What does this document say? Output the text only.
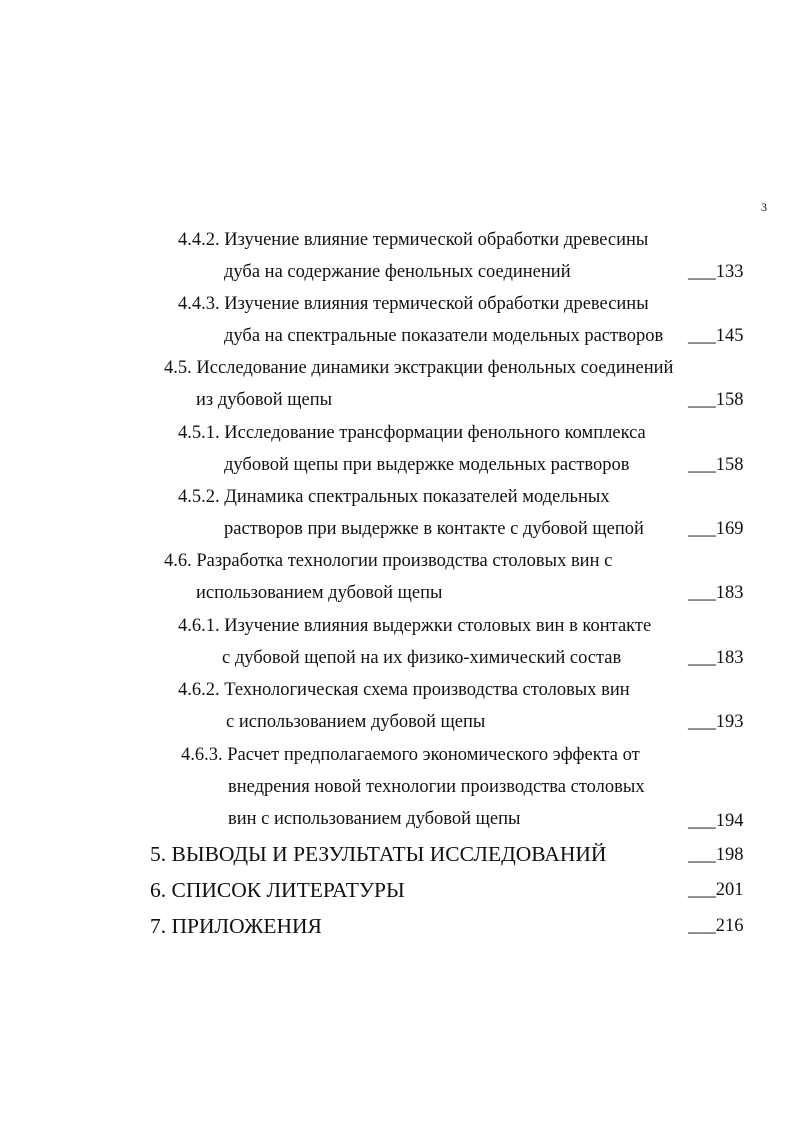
3
4.4.2. Изучение влияние термической обработки древесины
дуба на содержание фенольных соединений	___133
4.4.3. Изучение влияния термической обработки древесины
дуба на спектральные показатели модельных растворов ___145
4.5. Исследование динамики экстракции фенольных соединений
из дубовой щепы	___158
4.5.1. Исследование трансформации фенольного комплекса
дубовой щепы при выдержке модельных растворов	___158
4.5.2. Динамика спектральных показателей модельных
растворов при выдержке в контакте с дубовой щепой ___169
4.6. Разработка технологии производства столовых вин с
использованием дубовой щепы	___183
4.6.1. Изучение влияния выдержки столовых вин в контакте
с дубовой щепой на их физико-химический состав	___183
4.6.2. Технологическая схема производства столовых вин
с использованием дубовой щепы	___193
4.6.3. Расчет предполагаемого экономического эффекта от
внедрения новой технологии производства столовых
вин с использованием дубовой щепы	___194
5. ВЫВОДЫ И РЕЗУЛЬТАТЫ ИССЛЕДОВАНИЙ	___198
6. СПИСОК ЛИТЕРАТУРЫ	___201
7. ПРИЛОЖЕНИЯ	___216
